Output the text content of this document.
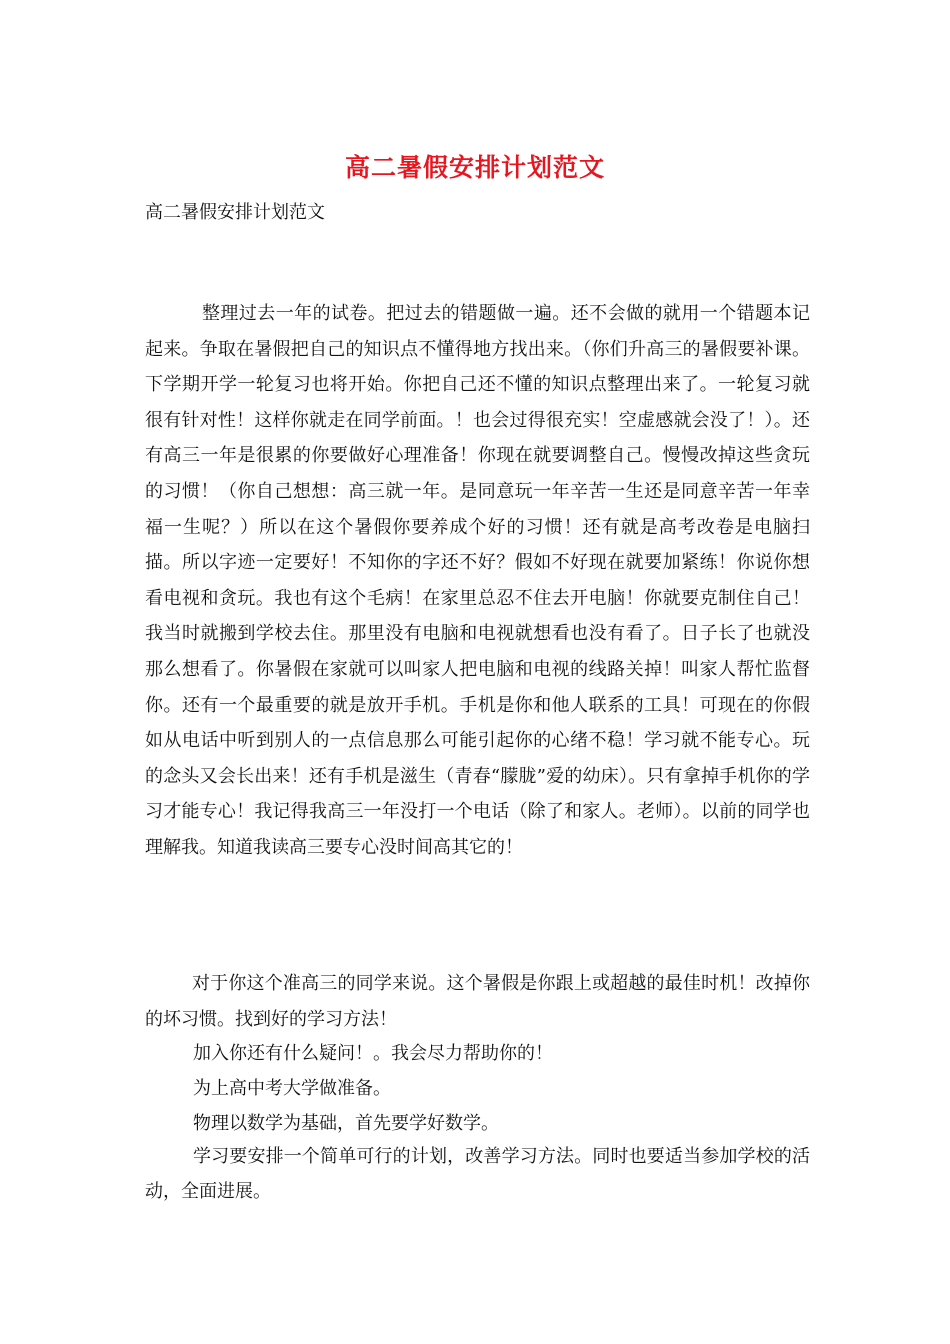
高二暑假安排计划范文
高二暑假安排计划范文
整理过去一年的试卷。把过去的错题做一遍。还不会做的就用一个错题本记起来。争取在暑假把自己的知识点不懂得地方找出来。（你们升高三的暑假要补课。下学期开学一轮复习也将开始。你把自己还不懂的知识点整理出来了。一轮复习就很有针对性！这样你就走在同学前面。！也会过得很充实！空虚感就会没了！）。还有高三一年是很累的你要做好心理准备！你现在就要调整自己。慢慢改掉这些贪玩的习惯！（你自己想想：高三就一年。是同意玩一年辛苦一生还是同意辛苦一年幸福一生呢？）所以在这个暑假你要养成个好的习惯！还有就是高考改卷是电脑扫描。所以字迹一定要好！不知你的字还不好？假如不好现在就要加紧练！你说你想看电视和贪玩。我也有这个毛病！在家里总忍不住去开电脑！你就要克制住自己！我当时就搬到学校去住。那里没有电脑和电视就想看也没有看了。日子长了也就没那么想看了。你暑假在家就可以叫家人把电脑和电视的线路关掉！叫家人帮忙监督你。还有一个最重要的就是放开手机。手机是你和他人联系的工具！可现在的你假如从电话中听到别人的一点信息那么可能引起你的心绪不稳！学习就不能专心。玩的念头又会长出来！还有手机是滋生（青春“朦胧”爱的幼床）。只有拿掉手机你的学习才能专心！我记得我高三一年没打一个电话（除了和家人。老师）。以前的同学也理解我。知道我读高三要专心没时间高其它的！
对于你这个准高三的同学来说。这个暑假是你跟上或超越的最佳时机！改掉你的坏习惯。找到好的学习方法！
加入你还有什么疑问！。我会尽力帮助你的！
为上高中考大学做准备。
物理以数学为基础，首先要学好数学。
学习要安排一个简单可行的计划，改善学习方法。同时也要适当参加学校的活动，全面进展。
